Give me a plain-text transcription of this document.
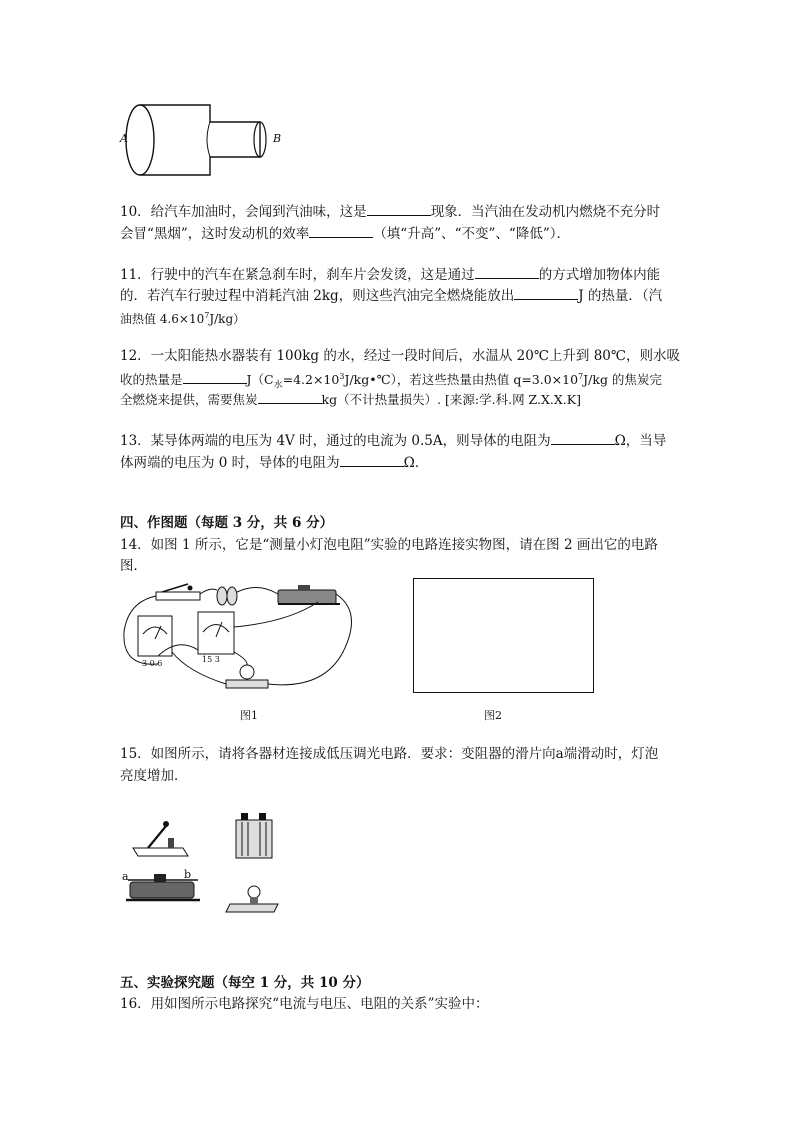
A	B
10．给汽车加油时，会闻到汽油味，这是	现象．当汽油在发动机内燃烧不充分时
会冒“黑烟”，这时发动机的效率	（填“升高”、“不变”、“降低”）．
11．行驶中的汽车在紧急刹车时，刹车片会发烫，这是通过	的方式增加物体内能
的．若汽车行驶过程中消耗汽油 2kg，则这些汽油完全燃烧能放出	J 的热量．（汽
油热值 $4.6\times 10^7J/kg$）
12．一太阳能热水器装有 100kg 的水，经过一段时间后，水温从 20℃上升到 80℃，则水吸
收的热量是	$J(C_水=4.2\times 10^3J/kg•℃)$，若这些热量由热值 $q=3.0\times 10^7J/kg$ 的焦炭完
全燃烧来提供，需要焦炭	kg（不计热量损失）. [来源:学.科.网 Z.X.X.K]
13．某导体两端的电压为 4V 时，通过的电流为 0.5A，则导体的电阻为	Ω，当导
体两端的电压为 0 时，导体的电阻为	Ω．
四、作图题（每题 3 分，共 6 分）
14．如图 1 所示，它是“测量小灯泡电阻”实验的电路连接实物图，请在图 2 画出它的电路
图．
3 0.6	15 3
图1	图2
15．如图所示，请将各器材连接成低压调光电路．要求：变阻器的滑片向a端滑动时，灯泡
亮度增加．
a	b
五、实验探究题（每空 1 分，共 10 分）
16．用如图所示电路探究“电流与电压、电阻的关系”实验中：
